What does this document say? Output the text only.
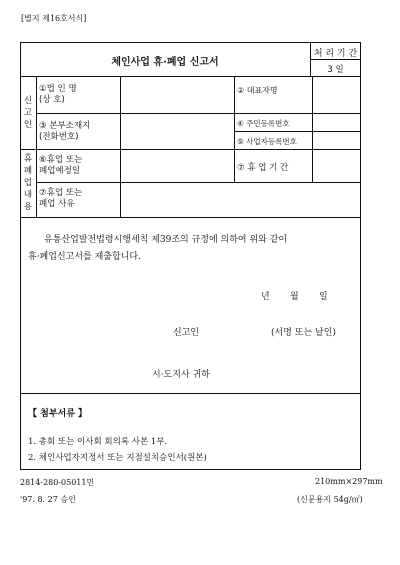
[별지 제16호서식]
체인사업 휴·폐업 신고서
처 리 기 간
3 일
신 고 인
휴 폐 업 내 용
①법 인 명
(상 호)
② 대표자명
③ 본부소재지
(전화번호)
④ 주민등록번호
⑤ 사업자등록번호
⑥휴업 또는
폐업예정일	⑦ 휴 업 기 간
⑦휴업 또는
폐업 사유
유통산업발전법령시행세칙 제39조의 규정에 의하여 위와 같이
휴·폐업신고서를 제출합니다.
년 월 일
신고인	(서명 또는 날인)
시·도지사 귀하
【 첨부서류 】
1. 총회 또는 이사회 회의록 사본 1부.
2. 체인사업자지정서 또는 지점설치승인서(원본)
2814-280-05011민
'97. 8. 27 승인
210mm×297mm
(신문용지 54g/㎡)
